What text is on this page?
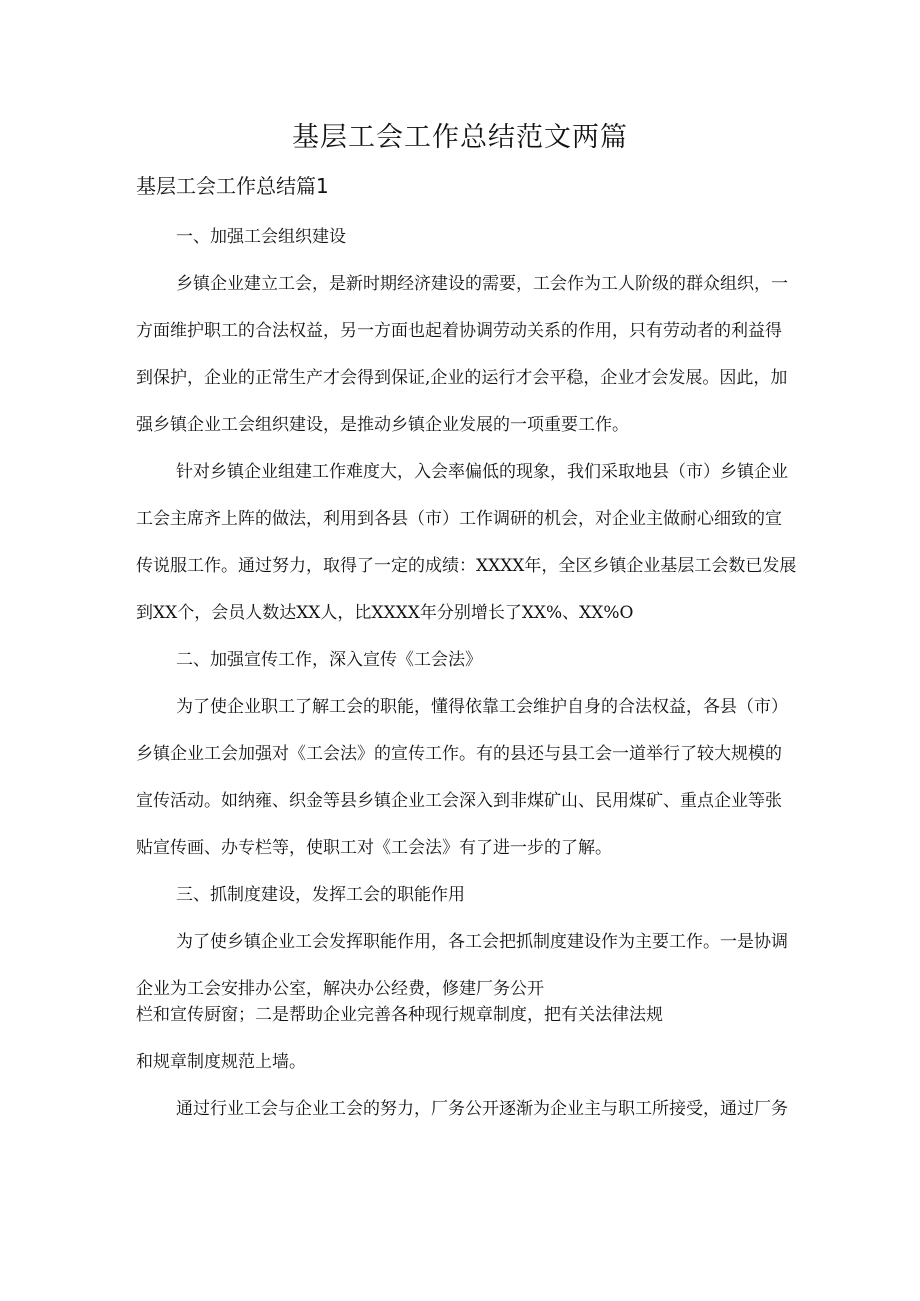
基层工会工作总结范文两篇
基层工会工作总结篇1

一、加强工会组织建设

乡镇企业建立工会，是新时期经济建设的需要，工会作为工人阶级的群众组织，一

方面维护职工的合法权益，另一方面也起着协调劳动关系的作用，只有劳动者的利益得

到保护，企业的正常生产才会得到保证,企业的运行才会平稳，企业才会发展。因此，加

强乡镇企业工会组织建设，是推动乡镇企业发展的一项重要工作。

针对乡镇企业组建工作难度大，入会率偏低的现象，我们采取地县（市）乡镇企业

工会主席齐上阵的做法，利用到各县（市）工作调研的机会，对企业主做耐心细致的宣

传说服工作。通过努力，取得了一定的成绩：XXXX年，全区乡镇企业基层工会数已发展

到XX个，会员人数达XX人，比XXXX年分别增长了XX%、XX%O

二、加强宣传工作，深入宣传《工会法》

为了使企业职工了解工会的职能，懂得依靠工会维护自身的合法权益，各县（市）

乡镇企业工会加强对《工会法》的宣传工作。有的县还与县工会一道举行了较大规模的

宣传活动。如纳雍、织金等县乡镇企业工会深入到非煤矿山、民用煤矿、重点企业等张

贴宣传画、办专栏等，使职工对《工会法》有了进一步的了解。

三、抓制度建设，发挥工会的职能作用

为了使乡镇企业工会发挥职能作用，各工会把抓制度建设作为主要工作。一是协调

企业为工会安排办公室，解决办公经费，修建厂务公开

栏和宣传厨窗；二是帮助企业完善各种现行规章制度，把有关法律法规

和规章制度规范上墙。

通过行业工会与企业工会的努力，厂务公开逐渐为企业主与职工所接受，通过厂务
